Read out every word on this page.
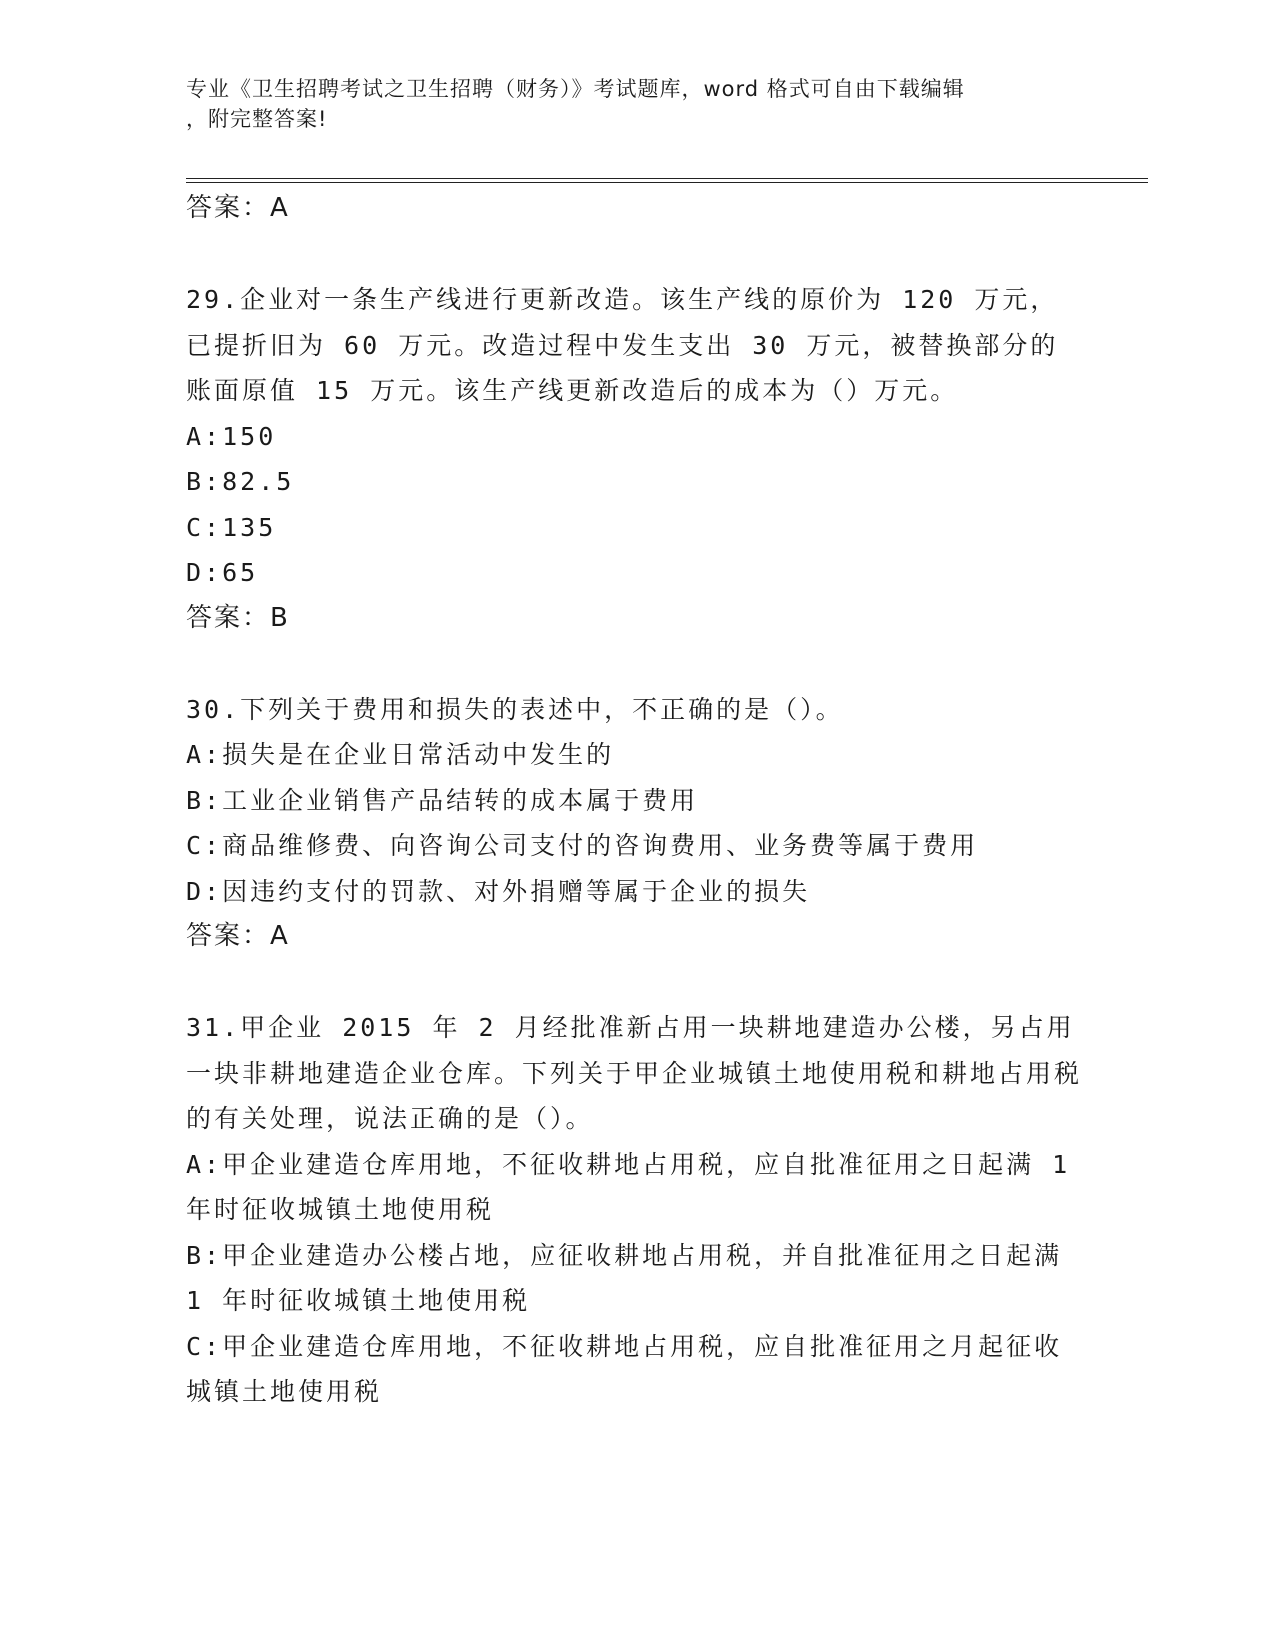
专业《卫生招聘考试之卫生招聘（财务）》考试题库，word 格式可自由下载编辑
，附完整答案!
答案：A

29.企业对一条生产线进行更新改造。该生产线的原价为 120 万元，已提折旧为 60 万元。改造过程中发生支出 30 万元，被替换部分的账面原值 15 万元。该生产线更新改造后的成本为（）万元。

A:150

B:82.5

C:135

D:65

答案：B

30.下列关于费用和损失的表述中，不正确的是（）。

A:损失是在企业日常活动中发生的

B:工业企业销售产品结转的成本属于费用

C:商品维修费、向咨询公司支付的咨询费用、业务费等属于费用

D:因违约支付的罚款、对外捐赠等属于企业的损失

答案：A

31.甲企业 2015 年 2 月经批准新占用一块耕地建造办公楼，另占用一块非耕地建造企业仓库。下列关于甲企业城镇土地使用税和耕地占用税的有关处理，说法正确的是（）。

A:甲企业建造仓库用地，不征收耕地占用税，应自批准征用之日起满 1 年时征收城镇土地使用税

B:甲企业建造办公楼占地，应征收耕地占用税，并自批准征用之日起满 1 年时征收城镇土地使用税

C:甲企业建造仓库用地，不征收耕地占用税，应自批准征用之月起征收城镇土地使用税
